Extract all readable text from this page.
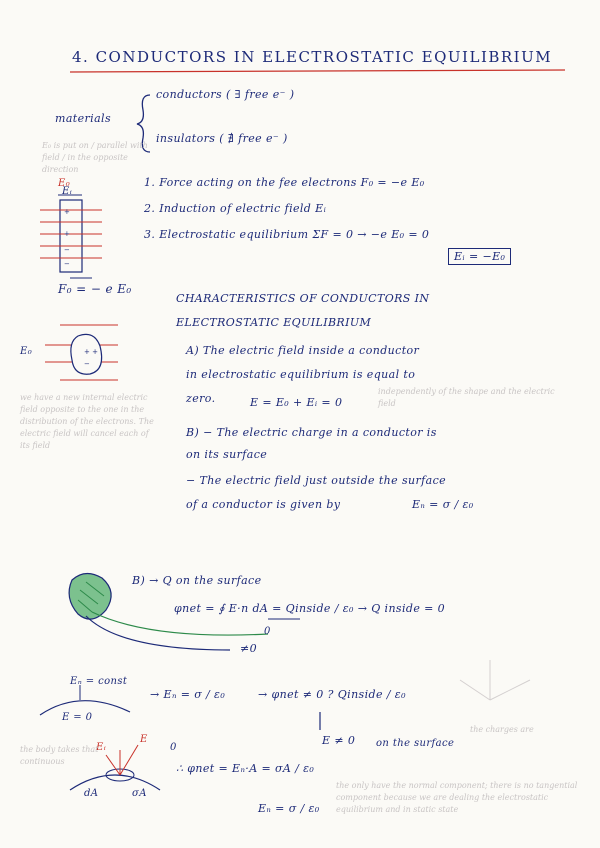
+
+
−
−
+ +
−
4. CONDUCTORS IN ELECTROSTATIC EQUILIBRIUM
materials
conductors ( ∃ free e⁻ )
insulators ( ∄ free e⁻ )
E₀ is put on / parallel with field / in the opposite direction
E₀
Eᵢ
1. Force acting on the fee electrons F₀ = −e E₀
2. Induction of electric field Eᵢ
3. Electrostatic equilibrium ΣF = 0 → −e E₀ = 0
Eᵢ = −E₀
F₀ = − e E₀
CHARACTERISTICS OF CONDUCTORS IN
ELECTROSTATIC EQUILIBRIUM
E₀	A) The electric field inside a conductor
in electrostatic equilibrium is equal to
zero.	E = E₀ + Eᵢ = 0
independently of the shape and the electric field
we have a new internal electric field opposite to the one in the distribution of the electrons. The electric field will cancel each of its field
B) − The electric charge in a conductor is
on its surface
− The electric field just outside the surface
of a conductor is given by	Eₙ = σ / ε₀
B) → Q on the surface
φnet = ∮ E·n dA = Qinside / ε₀ → Q inside = 0
0
≠0
Eₙ = const
E = 0
→ Eₙ = σ / ε₀	→ φnet ≠ 0 ? Qinside / ε₀
E ≠ 0 on the surface
Eᵢ
E
0
dA	σA
∴ φnet = Eₙ·A = σA / ε₀
Eₙ = σ / ε₀
the body takes that continuous
the only have the normal component; there is no tangential component because we are dealing the electrostatic equilibrium and in static state
the charges are
